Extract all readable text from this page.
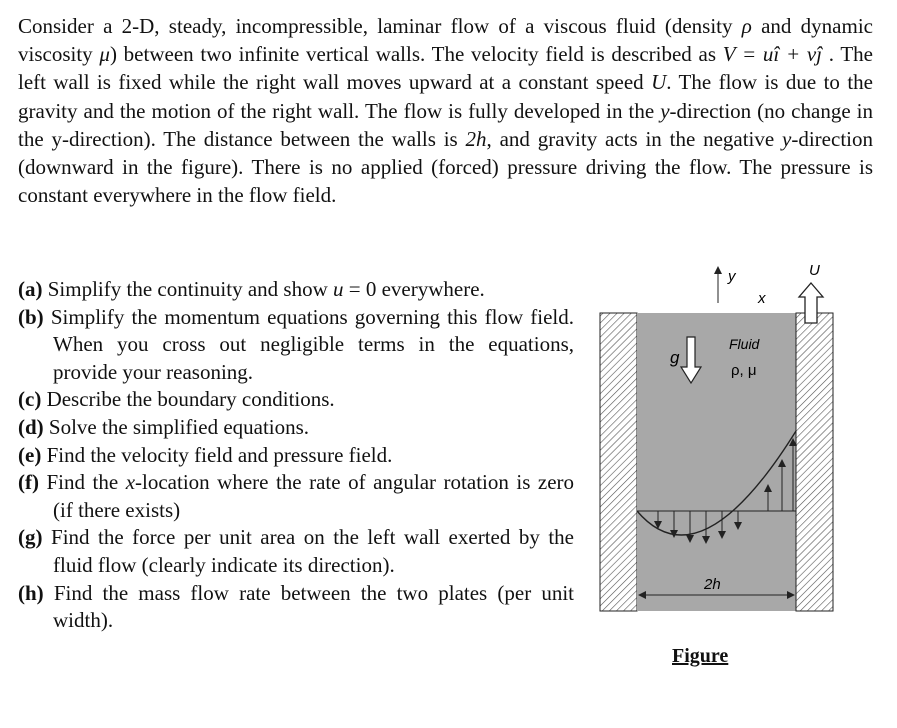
Consider a 2-D, steady, incompressible, laminar flow of a viscous fluid (density ρ and dynamic viscosity μ) between two infinite vertical walls. The velocity field is described as V = uî + vĵ . The left wall is fixed while the right wall moves upward at a constant speed U. The flow is due to the gravity and the motion of the right wall. The flow is fully developed in the y-direction (no change in the y-direction). The distance between the walls is 2h, and gravity acts in the negative y-direction (downward in the figure). There is no applied (forced) pressure driving the flow. The pressure is constant everywhere in the flow field.

(a) Simplify the continuity and show u = 0 everywhere.
(b) Simplify the momentum equations governing this flow field. When you cross out negligible terms in the equations, provide your reasoning.
(c) Describe the boundary conditions.
(d) Solve the simplified equations.
(e) Find the velocity field and pressure field.
(f) Find the x-location where the rate of angular rotation is zero (if there exists)
(g) Find the force per unit area on the left wall exerted by the fluid flow (clearly indicate its direction).
(h) Find the mass flow rate between the two plates (per unit width).
y
x
U
g
Fluid
ρ, μ
2h
Figure
